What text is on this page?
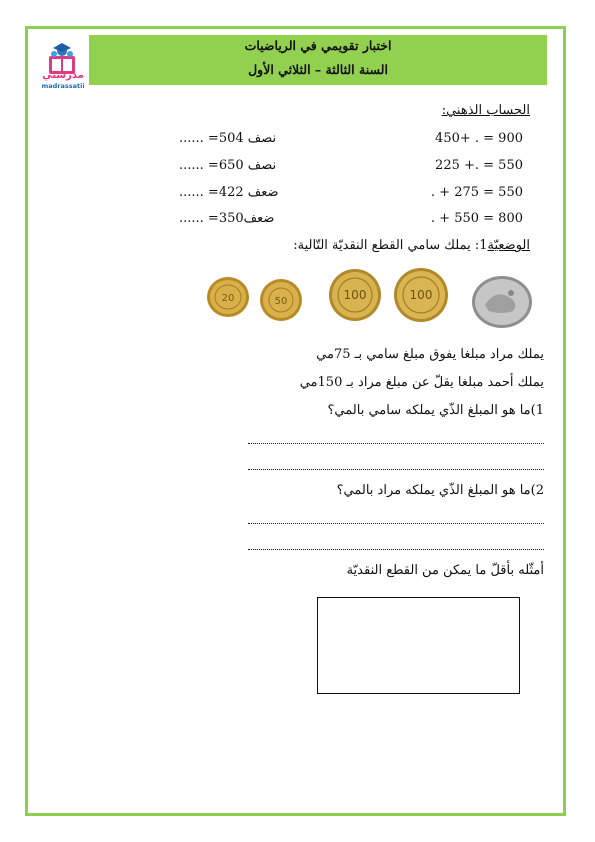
اختبار تقويمي في الرياضيات
السنة الثالثة – الثلاثي الأول
مدرستي
madrassatii
الحساب الذهني:
450+ . = 900
نصف 504= ......
225 +. = 550
نصف 650= ......
. + 275 = 550
ضعف 422= ......
. + 550 = 800
ضعف350= ......
الوضعيّة1: يملك سامي القطع النقديّة التّالية:
20	50	100	100
يملك مراد مبلغا يفوق مبلغ سامي بـ 75مي
يملك أحمد مبلغا يقلّ عن مبلغ مراد بـ 150مي
1)ما هو المبلغ الذّي يملكه سامي بالمي؟
2)ما هو المبلغ الذّي يملكه مراد بالمي؟
أمثّله بأقلّ ما يمكن من القطع النقديّة
